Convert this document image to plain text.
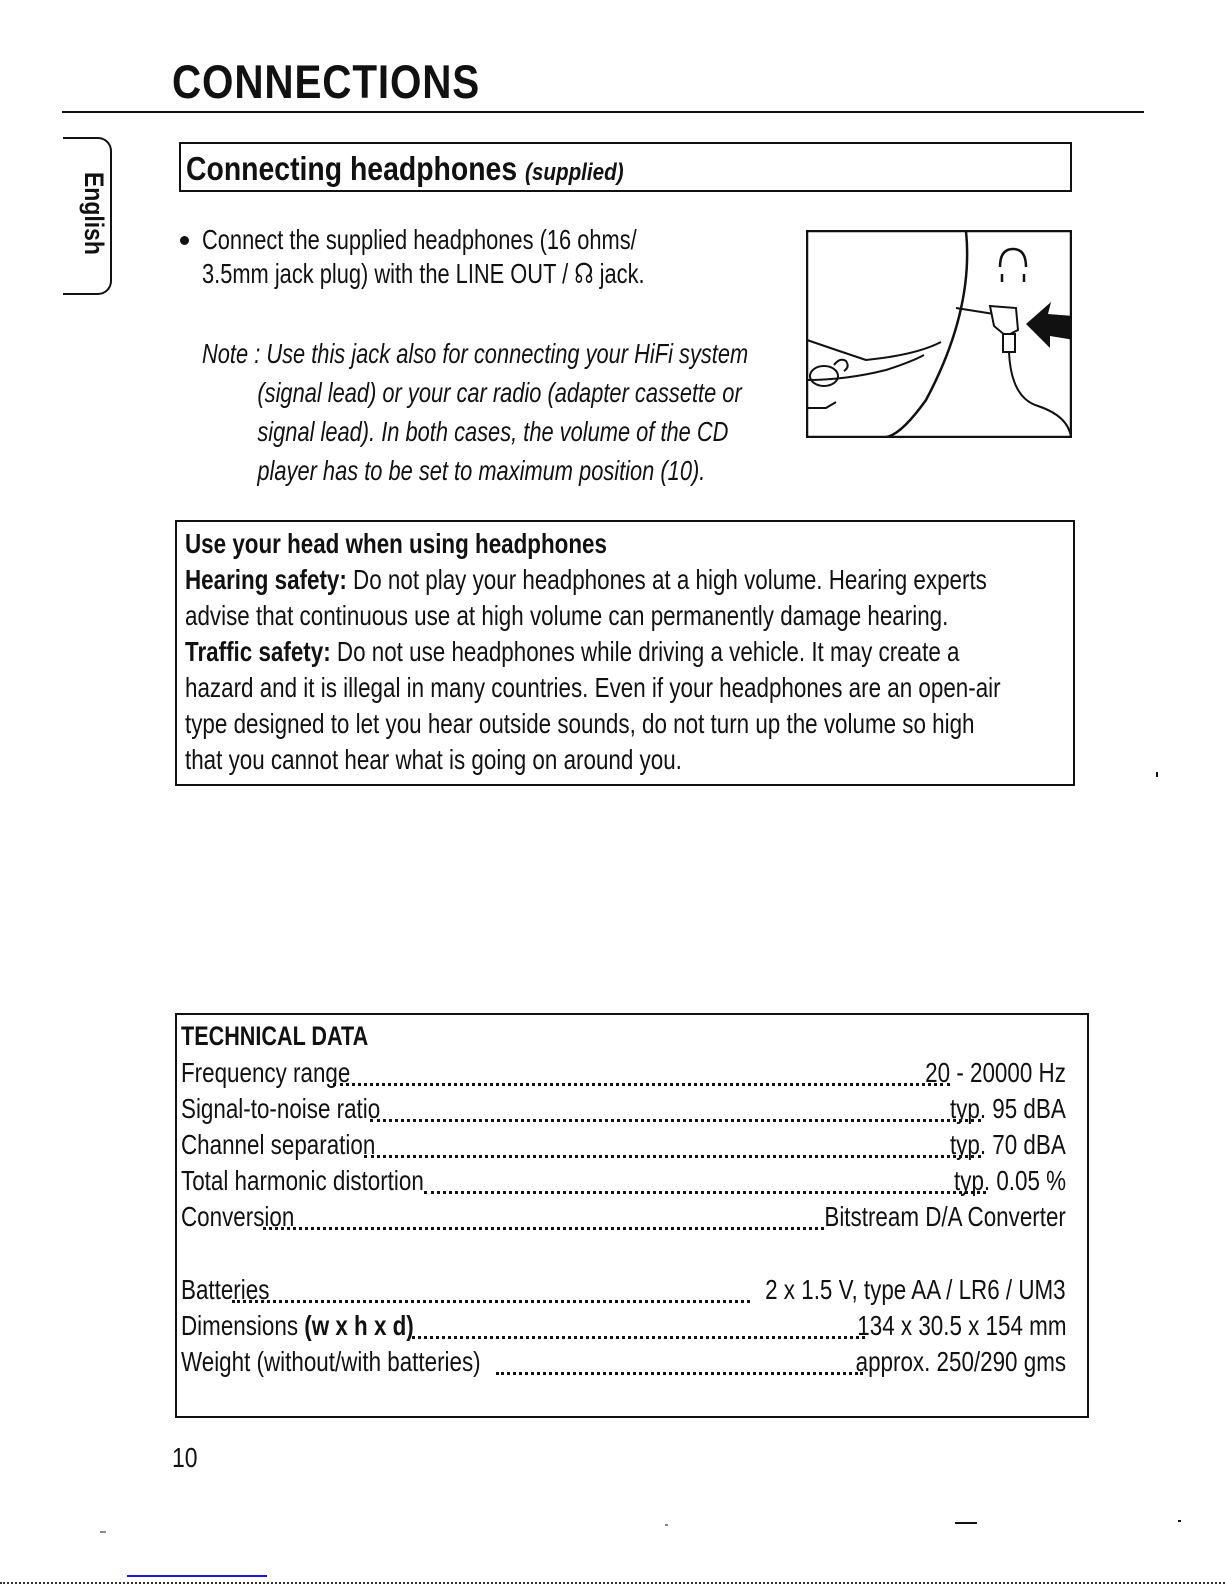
CONNECTIONS
English
Connecting headphones (supplied)
Connect the supplied headphones (16 ohms/
3.5mm jack plug) with the LINE OUT / ☊ jack.
Note : Use this jack also for connecting your HiFi system
(signal lead) or your car radio (adapter cassette or
signal lead). In both cases, the volume of the CD
player has to be set to maximum position (10).
Use your head when using headphones
Hearing safety: Do not play your headphones at a high volume. Hearing experts
advise that continuous use at high volume can permanently damage hearing.
Traffic safety: Do not use headphones while driving a vehicle. It may create a
hazard and it is illegal in many countries. Even if your headphones are an open-air
type designed to let you hear outside sounds, do not turn up the volume so high
that you cannot hear what is going on around you.
TECHNICAL DATA
Frequency range	20 - 20000 Hz
Signal-to-noise ratio	typ. 95 dBA
Channel separation	typ. 70 dBA
Total harmonic distortion	typ. 0.05 %
Conversion	Bitstream D/A Converter
Batteries	2 x 1.5 V, type AA / LR6 / UM3
Dimensions (w x h x d)	134 x 30.5 x 154 mm
Weight (without/with batteries)	approx. 250/290 gms
10
